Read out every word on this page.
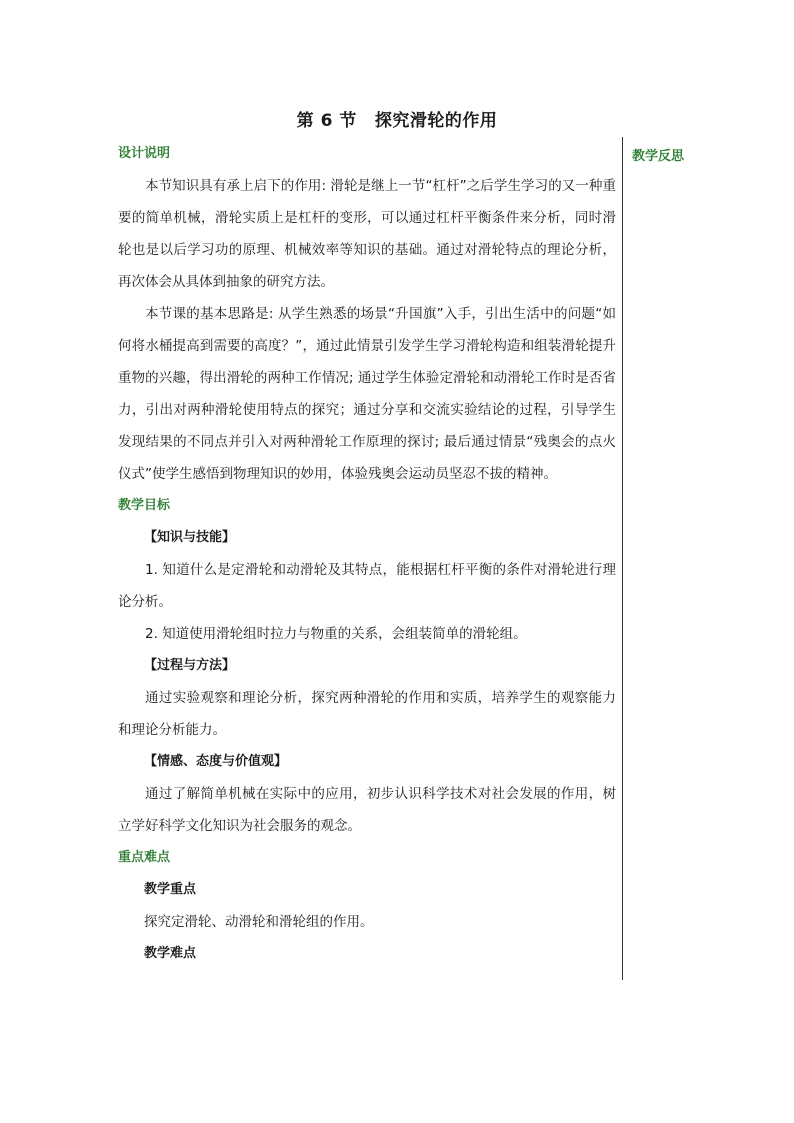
第 6 节 探究滑轮的作用
教学反思
设计说明

本节知识具有承上启下的作用: 滑轮是继上一节“杠杆”之后学生学习的又一种重要的简单机械，滑轮实质上是杠杆的变形，可以通过杠杆平衡条件来分析，同时滑轮也是以后学习功的原理、机械效率等知识的基础。通过对滑轮特点的理论分析，再次体会从具体到抽象的研究方法。

本节课的基本思路是: 从学生熟悉的场景“升国旗”入手，引出生活中的问题“如何将水桶提高到需要的高度？”，通过此情景引发学生学习滑轮构造和组装滑轮提升重物的兴趣，得出滑轮的两种工作情况; 通过学生体验定滑轮和动滑轮工作时是否省力，引出对两种滑轮使用特点的探究；通过分享和交流实验结论的过程，引导学生发现结果的不同点并引入对两种滑轮工作原理的探讨; 最后通过情景“残奥会的点火仪式”使学生感悟到物理知识的妙用，体验残奥会运动员坚忍不拔的精神。

教学目标
【知识与技能】

1. 知道什么是定滑轮和动滑轮及其特点，能根据杠杆平衡的条件对滑轮进行理论分析。

2. 知道使用滑轮组时拉力与物重的关系，会组装简单的滑轮组。

【过程与方法】

通过实验观察和理论分析，探究两种滑轮的作用和实质，培养学生的观察能力和理论分析能力。

【情感、态度与价值观】

通过了解简单机械在实际中的应用，初步认识科学技术对社会发展的作用，树立学好科学文化知识为社会服务的观念。

重点难点
教学重点
探究定滑轮、动滑轮和滑轮组的作用。
教学难点
